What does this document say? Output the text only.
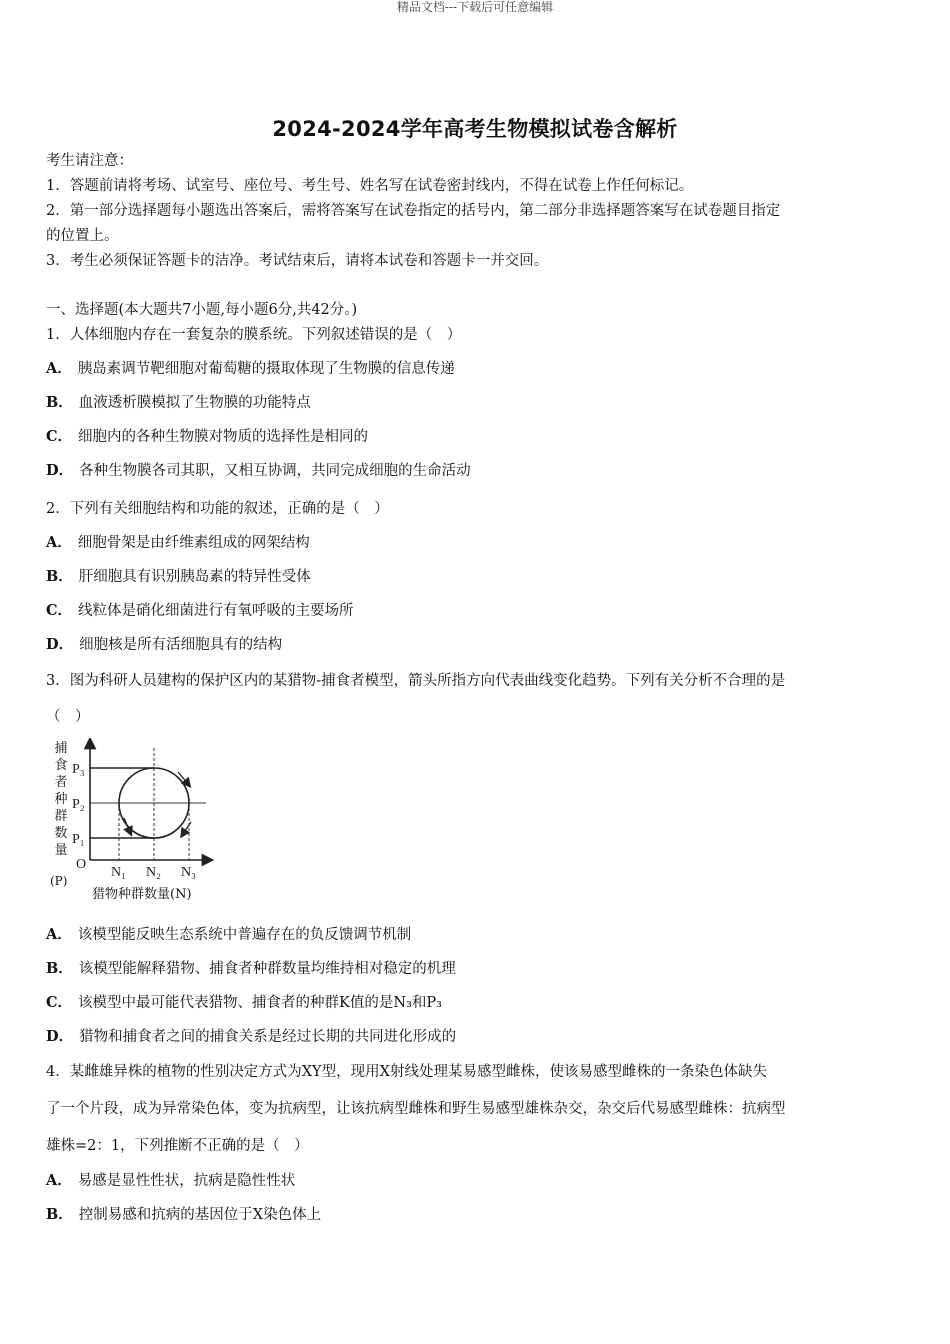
精品文档---下载后可任意编辑
2024-2024学年高考生物模拟试卷含解析
考生请注意：
1．答题前请将考场、试室号、座位号、考生号、姓名写在试卷密封线内，不得在试卷上作任何标记。
2．第一部分选择题每小题选出答案后，需将答案写在试卷指定的括号内，第二部分非选择题答案写在试卷题目指定
的位置上。
3．考生必须保证答题卡的洁净。考试结束后，请将本试卷和答题卡一并交回。
一、选择题(本大题共7小题,每小题6分,共42分。)
1．人体细胞内存在一套复杂的膜系统。下列叙述错误的是（　）
A． 胰岛素调节靶细胞对葡萄糖的摄取体现了生物膜的信息传递
B． 血液透析膜模拟了生物膜的功能特点
C． 细胞内的各种生物膜对物质的选择性是相同的
D． 各种生物膜各司其职，又相互协调，共同完成细胞的生命活动
2．下列有关细胞结构和功能的叙述，正确的是（　）
A． 细胞骨架是由纤维素组成的网架结构
B． 肝细胞具有识别胰岛素的特异性受体
C． 线粒体是硝化细菌进行有氧呼吸的主要场所
D． 细胞核是所有活细胞具有的结构
3．图为科研人员建构的保护区内的某猎物-捕食者模型，箭头所指方向代表曲线变化趋势。下列有关分析不合理的是
（　）
捕
食
者
种
群
数
量
(P)
P₃
P₂
P₁
O
N₁ N₂ N₃
猎物种群数量(N)
A． 该模型能反映生态系统中普遍存在的负反馈调节机制
B． 该模型能解释猎物、捕食者种群数量均维持相对稳定的机理
C． 该模型中最可能代表猎物、捕食者的种群K值的是N₃和P₃
D． 猎物和捕食者之间的捕食关系是经过长期的共同进化形成的
4．某雌雄异株的植物的性别决定方式为XY型，现用X射线处理某易感型雌株，使该易感型雌株的一条染色体缺失
了一个片段，成为异常染色体，变为抗病型，让该抗病型雌株和野生易感型雄株杂交，杂交后代易感型雌株：抗病型
雄株=2：1，下列推断不正确的是（　）
A． 易感是显性性状，抗病是隐性性状
B． 控制易感和抗病的基因位于X染色体上
